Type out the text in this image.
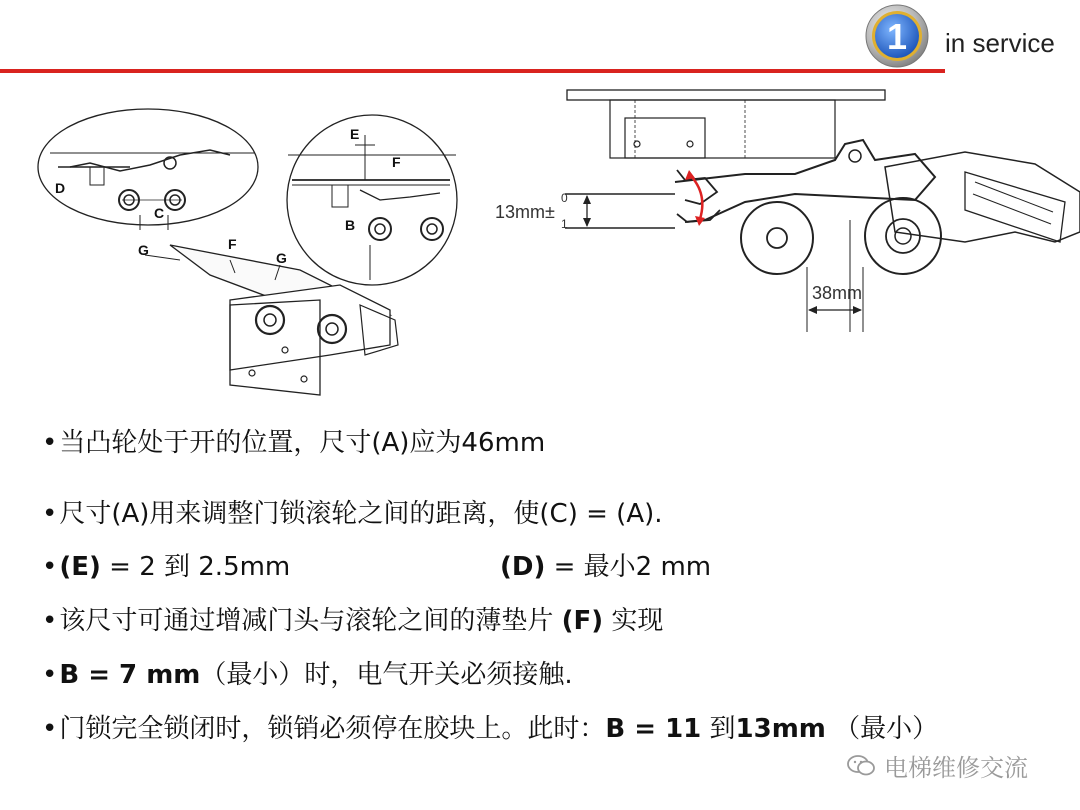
1 in service
D
C
E
F
B
G	F
G
13mm±
0
1
38mm
•当凸轮处于开的位置，尺寸(A)应为46mm
•尺寸(A)用来调整门锁滚轮之间的距离，使(C) = (A).
•(E) = 2 到 2.5mm	(D) = 最小2 mm
•该尺寸可通过增减门头与滚轮之间的薄垫片 (F) 实现
•B = 7 mm（最小）时，电气开关必须接触.
•门锁完全锁闭时，锁销必须停在胶块上。此时：B = 11 到13mm （最小）
电梯维修交流
